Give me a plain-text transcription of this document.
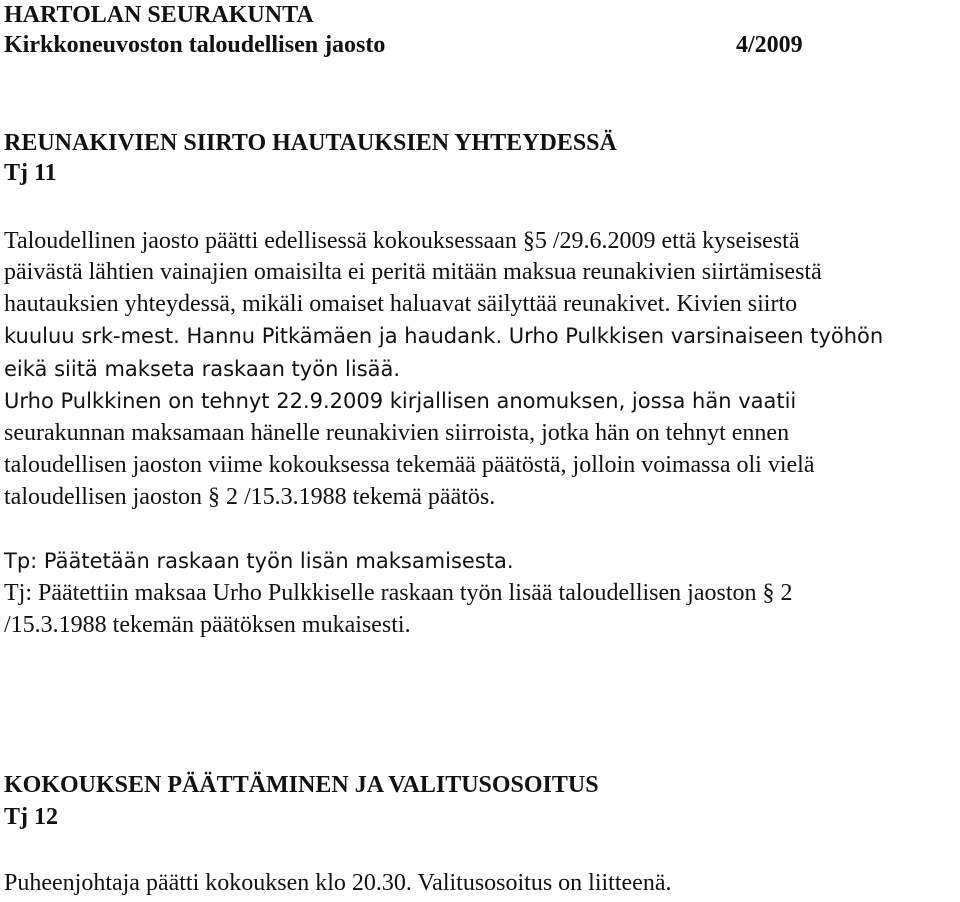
HARTOLAN SEURAKUNTA
Kirkkoneuvoston taloudellisen jaosto	4/2009
REUNAKIVIEN SIIRTO HAUTAUKSIEN YHTEYDESSÄ
Tj 11
Taloudellinen jaosto päätti edellisessä kokouksessaan §5 /29.6.2009 että kyseisestä
päivästä lähtien vainajien omaisilta ei peritä mitään maksua reunakivien siirtämisestä
hautauksien yhteydessä, mikäli omaiset haluavat säilyttää reunakivet. Kivien siirto
kuuluu srk-mest. Hannu Pitkämäen ja haudank. Urho Pulkkisen varsinaiseen työhön
eikä siitä makseta raskaan työn lisää.
Urho Pulkkinen on tehnyt 22.9.2009 kirjallisen anomuksen, jossa hän vaatii
seurakunnan maksamaan hänelle reunakivien siirroista, jotka hän on tehnyt ennen
taloudellisen jaoston viime kokouksessa tekemää päätöstä, jolloin voimassa oli vielä
taloudellisen jaoston § 2 /15.3.1988 tekemä päätös.
Tp: Päätetään raskaan työn lisän maksamisesta.
Tj: Päätettiin maksaa Urho Pulkkiselle raskaan työn lisää taloudellisen jaoston § 2
/15.3.1988 tekemän päätöksen mukaisesti.
KOKOUKSEN PÄÄTTÄMINEN JA VALITUSOSOITUS
Tj 12
Puheenjohtaja päätti kokouksen klo 20.30. Valitusosoitus on liitteenä.
